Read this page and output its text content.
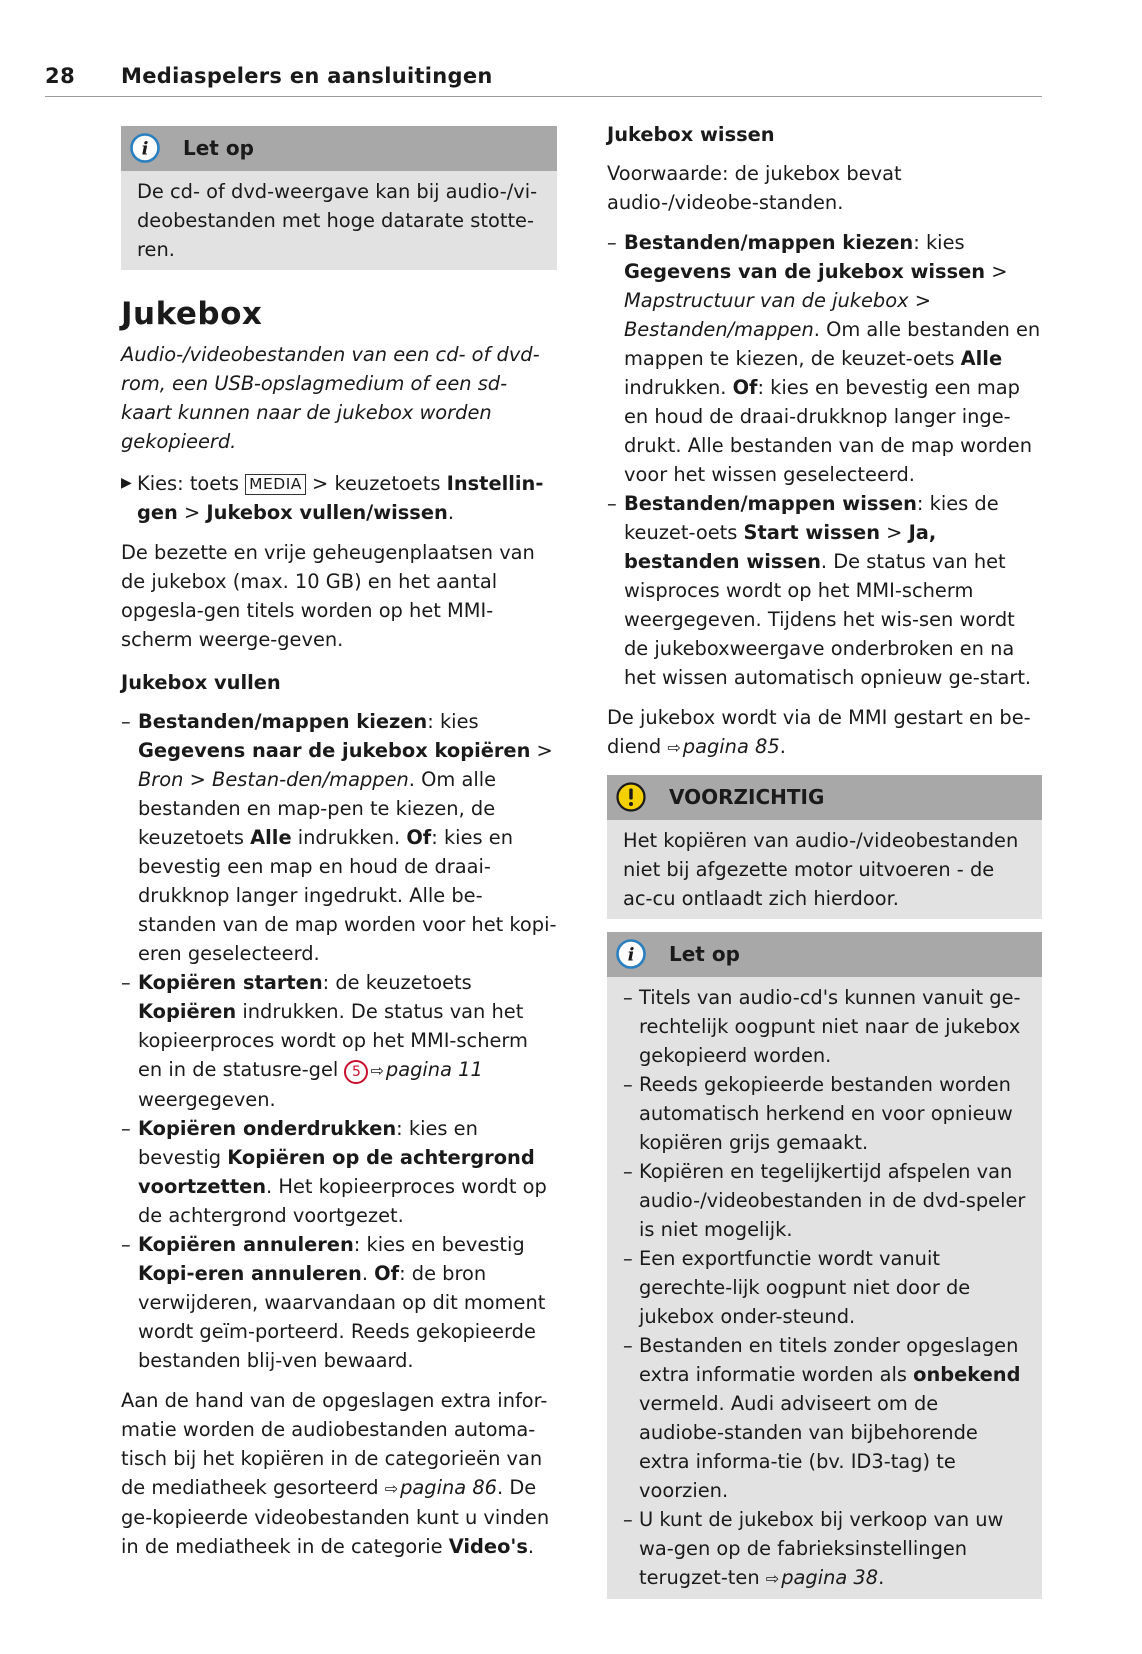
28 Mediaspelers en aansluitingen
i Let op

De cd- of dvd-weergave kan bij audio-/vi-deobestanden met hoge datarate stotte-ren.

Jukebox

Audio-/videobestanden van een cd- of dvd-rom, een USB-opslagmedium of een sd-kaart kunnen naar de jukebox worden gekopieerd.

▶ Kies: toets MEDIA > keuzetoets Instellin-gen > Jukebox vullen/wissen.

De bezette en vrije geheugenplaatsen van de jukebox (max. 10 GB) en het aantal opgesla-gen titels worden op het MMI-scherm weerge-geven.

Jukebox vullen
– Bestanden/mappen kiezen: kies Gegevens naar de jukebox kopiëren > Bron > Bestan-den/mappen. Om alle bestanden en map-pen te kiezen, de keuzetoets Alle indrukken. Of: kies en bevestig een map en houd de draai-drukknop langer ingedrukt. Alle be-standen van de map worden voor het kopi-eren geselecteerd.
– Kopiëren starten: de keuzetoets Kopiëren indrukken. De status van het kopieerproces wordt op het MMI-scherm en in de statusre-gel 5 ⇨ pagina 11 weergegeven.
– Kopiëren onderdrukken: kies en bevestig Kopiëren op de achtergrond voortzetten. Het kopieerproces wordt op de achtergrond voortgezet.
– Kopiëren annuleren: kies en bevestig Kopi-eren annuleren. Of: de bron verwijderen, waarvandaan op dit moment wordt geïm-porteerd. Reeds gekopieerde bestanden blij-ven bewaard.

Aan de hand van de opgeslagen extra infor-matie worden de audiobestanden automa-tisch bij het kopiëren in de categorieën van de mediatheek gesorteerd ⇨ pagina 86. De ge-kopieerde videobestanden kunt u vinden in de mediatheek in de categorie Video's.

Jukebox wissen

Voorwaarde: de jukebox bevat audio-/videobe-standen.

– Bestanden/mappen kiezen: kies Gegevens van de jukebox wissen > Mapstructuur van de jukebox > Bestanden/mappen. Om alle bestanden en mappen te kiezen, de keuzet-oets Alle indrukken. Of: kies en bevestig een map en houd de draai-drukknop langer inge-drukt. Alle bestanden van de map worden voor het wissen geselecteerd.
– Bestanden/mappen wissen: kies de keuzet-oets Start wissen > Ja, bestanden wissen. De status van het wisproces wordt op het MMI-scherm weergegeven. Tijdens het wis-sen wordt de jukeboxweergave onderbroken en na het wissen automatisch opnieuw ge-start.

De jukebox wordt via de MMI gestart en be-diend ⇨ pagina 85.

VOORZICHTIG

Het kopiëren van audio-/videobestanden niet bij afgezette motor uitvoeren - de ac-cu ontlaadt zich hierdoor.

i Let op
– Titels van audio-cd's kunnen vanuit ge-rechtelijk oogpunt niet naar de jukebox gekopieerd worden.
– Reeds gekopieerde bestanden worden automatisch herkend en voor opnieuw kopiëren grijs gemaakt.
– Kopiëren en tegelijkertijd afspelen van audio-/videobestanden in de dvd-speler is niet mogelijk.
– Een exportfunctie wordt vanuit gerechte-lijk oogpunt niet door de jukebox onder-steund.
– Bestanden en titels zonder opgeslagen extra informatie worden als onbekend vermeld. Audi adviseert om de audiobe-standen van bijbehorende extra informa-tie (bv. ID3-tag) te voorzien.
– U kunt de jukebox bij verkoop van uw wa-gen op de fabrieksinstellingen terugzet-ten ⇨ pagina 38.
